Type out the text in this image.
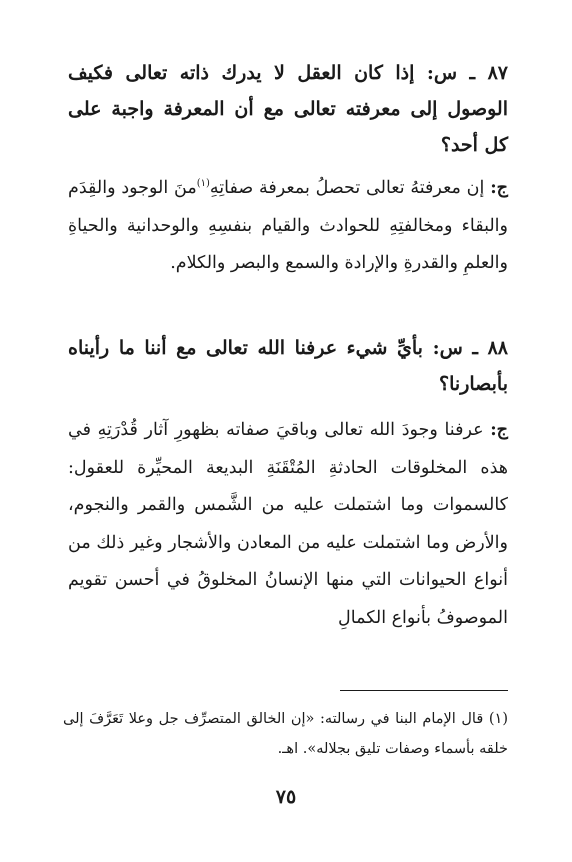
٨٧ ـ س: إذا كان العقل لا يدرك ذاته تعالى فكيف الوصول إلى معرفته تعالى مع أن المعرفة واجبة على كل أحد؟

ج: إن معرفتهُ تعالى تحصلُ بمعرفة صفاتِهِ$^{(١)}$منَ الوجود والقِدَم والبقاء ومخالفتِهِ للحوادث والقيام بنفسِهِ والوحدانية والحياةِ والعلمِ والقدرةِ والإرادة والسمع والبصر والكلام.

٨٨ ـ س: بأيِّ شيء عرفنا الله تعالى مع أننا ما رأيناه بأبصارنا؟

ج: عرفنا وجودَ الله تعالى وباقيَ صفاته بظهورِ آثار قُدْرَتِهِ في هذه المخلوقات الحادثةِ المُتْقَنَةِ البديعة المحيِّرة للعقول: كالسموات وما اشتملت عليه من الشَّمس والقمر والنجوم، والأرض وما اشتملت عليه من المعادن والأشجار وغير ذلك من أنواع الحيوانات التي منها الإنسانُ المخلوقُ في أحسن تقويم الموصوفُ بأنواع الكمالِ

(١) قال الإمام البنا في رسالته: «إن الخالق المتصرِّف جل وعلا تَعَرَّفَ إلى خلقه بأسماء وصفات تليق بجلاله». اهـ.

٧٥
